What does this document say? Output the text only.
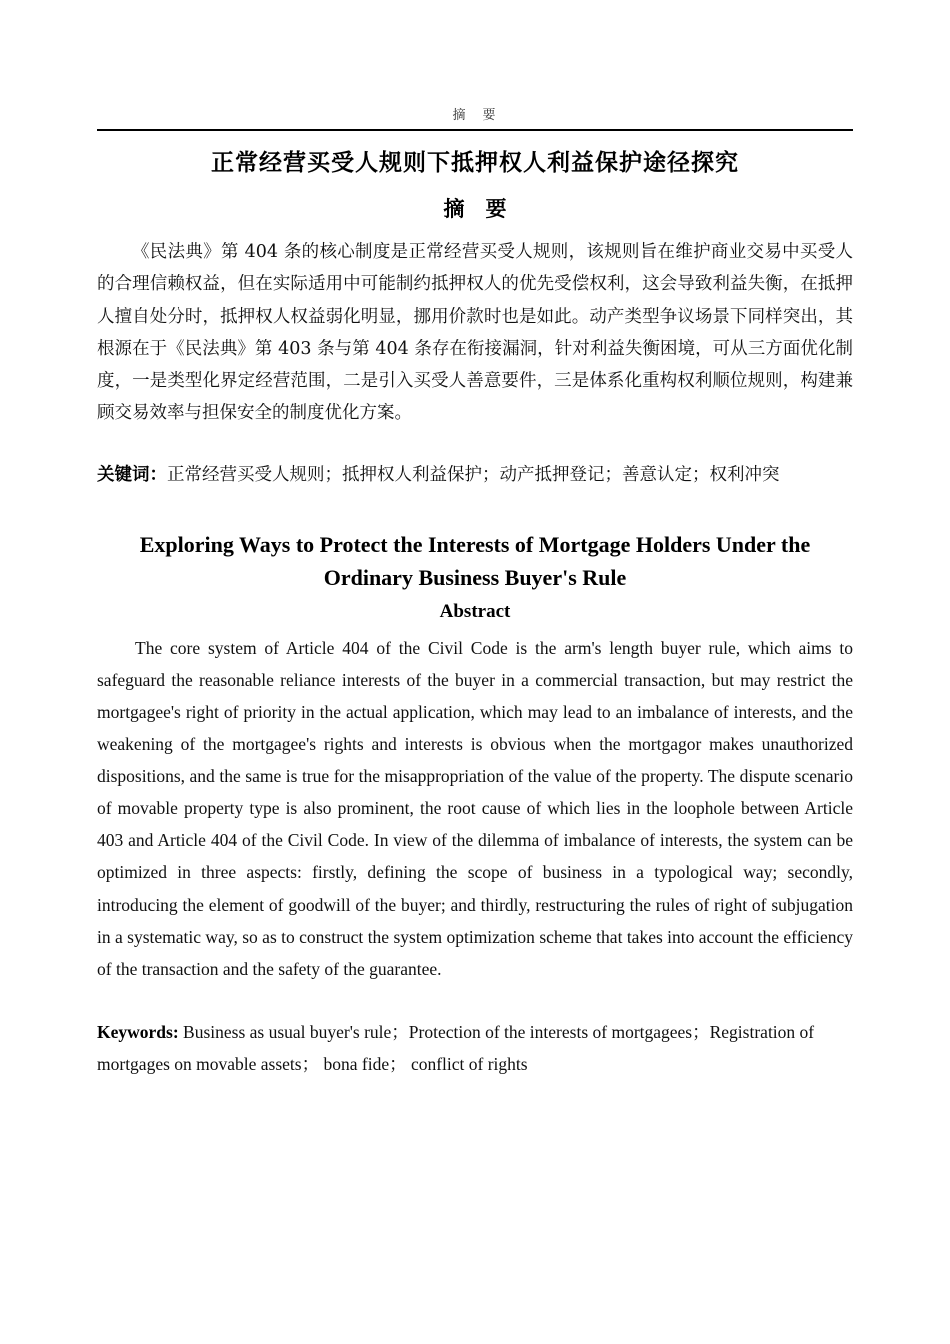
摘　要
正常经营买受人规则下抵押权人利益保护途径探究
摘　要

《民法典》第 404 条的核心制度是正常经营买受人规则，该规则旨在维护商业交易中买受人的合理信赖权益，但在实际适用中可能制约抵押权人的优先受偿权利，这会导致利益失衡，在抵押人擅自处分时，抵押权人权益弱化明显，挪用价款时也是如此。动产类型争议场景下同样突出，其根源在于《民法典》第 403 条与第 404 条存在衔接漏洞，针对利益失衡困境，可从三方面优化制度，一是类型化界定经营范围，二是引入买受人善意要件，三是体系化重构权利顺位规则，构建兼顾交易效率与担保安全的制度优化方案。

关键词：正常经营买受人规则；抵押权人利益保护；动产抵押登记；善意认定；权利冲突

Exploring Ways to Protect the Interests of Mortgage Holders Under the Ordinary Business Buyer's Rule
Abstract

The core system of Article 404 of the Civil Code is the arm's length buyer rule, which aims to safeguard the reasonable reliance interests of the buyer in a commercial transaction, but may restrict the mortgagee's right of priority in the actual application, which may lead to an imbalance of interests, and the weakening of the mortgagee's rights and interests is obvious when the mortgagor makes unauthorized dispositions, and the same is true for the misappropriation of the value of the property. The dispute scenario of movable property type is also prominent, the root cause of which lies in the loophole between Article 403 and Article 404 of the Civil Code. In view of the dilemma of imbalance of interests, the system can be optimized in three aspects: firstly, defining the scope of business in a typological way; secondly, introducing the element of goodwill of the buyer; and thirdly, restructuring the rules of right of subjugation in a systematic way, so as to construct the system optimization scheme that takes into account the efficiency of the transaction and the safety of the guarantee.

Keywords: Business as usual buyer's rule；Protection of the interests of mortgagees；Registration of mortgages on movable assets； bona fide； conflict of rights
